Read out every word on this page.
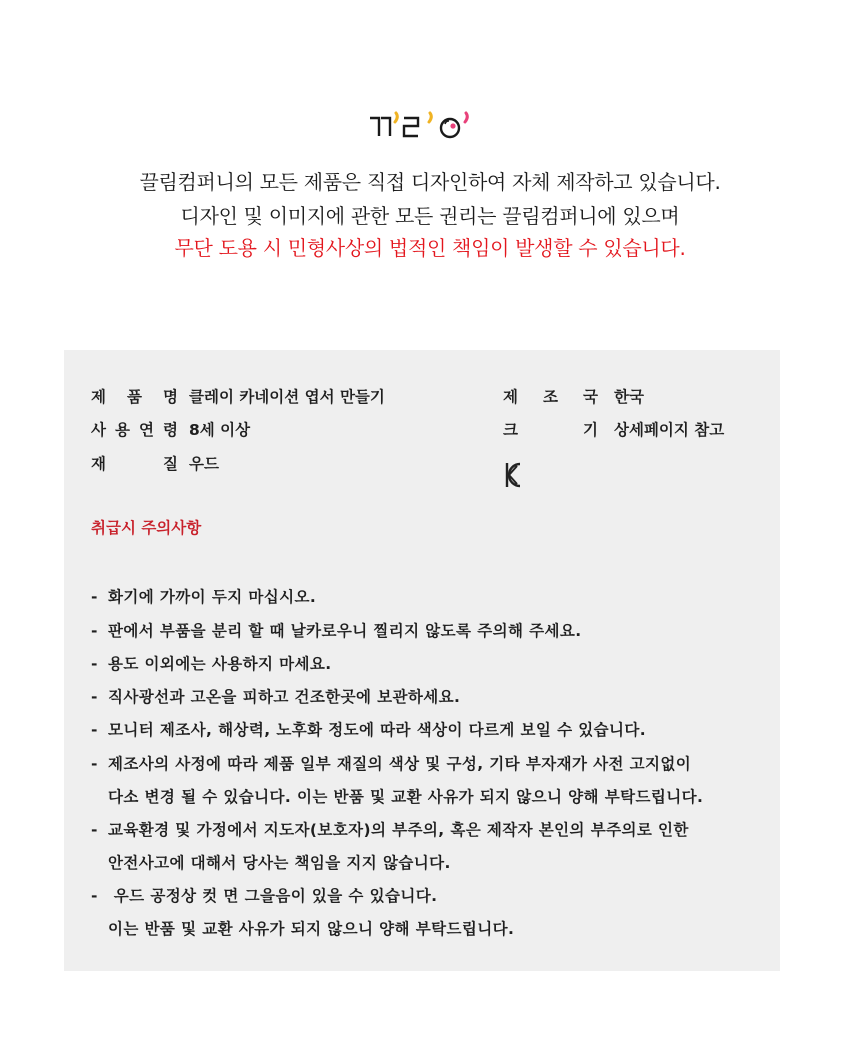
끌림컴퍼니의 모든 제품은 직접 디자인하여 자체 제작하고 있습니다.
디자인 및 이미지에 관한 모든 권리는 끌림컴퍼니에 있으며
무단 도용 시 민형사상의 법적인 책임이 발생할 수 있습니다.
제 품 명 클레이 카네이션 엽서 만들기	제 조 국 한국
사 용 연 령 8세 이상	크	기 상세페이지 참고
재	질 우드
취급시 주의사항
- 화기에 가까이 두지 마십시오.
- 판에서 부품을 분리 할 때 날카로우니 찔리지 않도록 주의해 주세요.
- 용도 이외에는 사용하지 마세요.
- 직사광선과 고온을 피하고 건조한곳에 보관하세요.
- 모니터 제조사, 해상력, 노후화 정도에 따라 색상이 다르게 보일 수 있습니다.
- 제조사의 사정에 따라 제품 일부 재질의 색상 및 구성, 기타 부자재가 사전 고지없이
다소 변경 될 수 있습니다. 이는 반품 및 교환 사유가 되지 않으니 양해 부탁드립니다.
- 교육환경 및 가정에서 지도자(보호자)의 부주의, 혹은 제작자 본인의 부주의로 인한
안전사고에 대해서 당사는 책임을 지지 않습니다.
- 우드 공정상 컷 면 그을음이 있을 수 있습니다.
이는 반품 및 교환 사유가 되지 않으니 양해 부탁드립니다.
